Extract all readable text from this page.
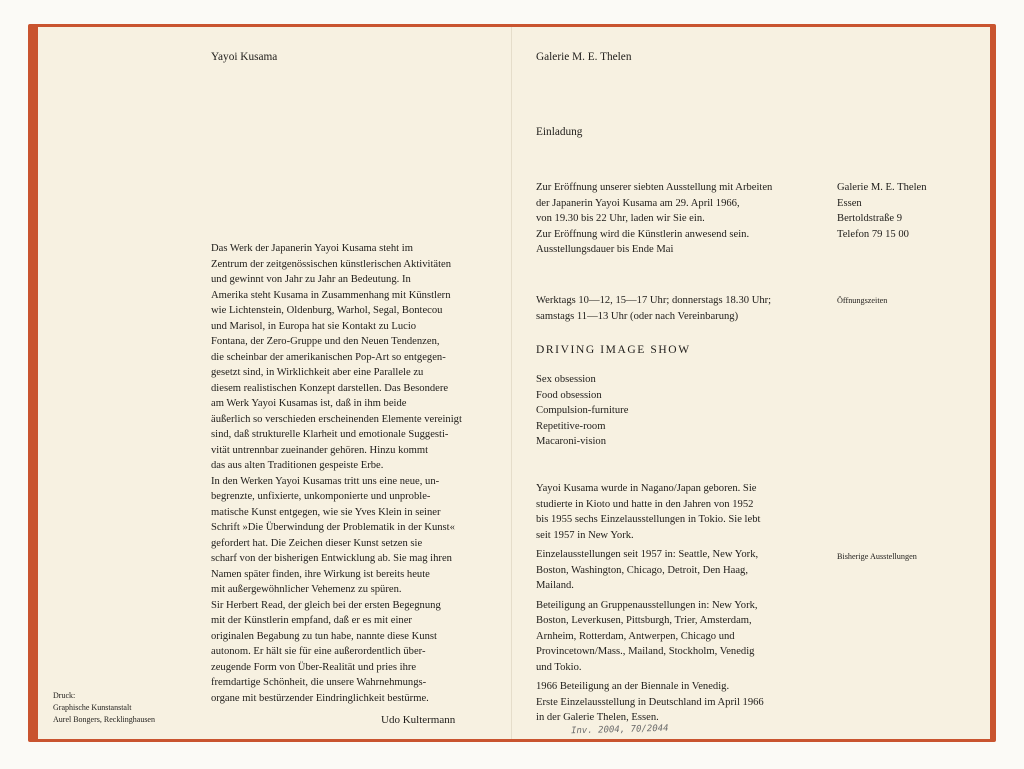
Yayoi Kusama
Das Werk der Japanerin Yayoi Kusama steht im
Zentrum der zeitgenössischen künstlerischen Aktivitäten
und gewinnt von Jahr zu Jahr an Bedeutung. In
Amerika steht Kusama in Zusammenhang mit Künstlern
wie Lichtenstein, Oldenburg, Warhol, Segal, Bontecou
und Marisol, in Europa hat sie Kontakt zu Lucio
Fontana, der Zero-Gruppe und den Neuen Tendenzen,
die scheinbar der amerikanischen Pop-Art so entgegen-
gesetzt sind, in Wirklichkeit aber eine Parallele zu
diesem realistischen Konzept darstellen. Das Besondere
am Werk Yayoi Kusamas ist, daß in ihm beide
äußerlich so verschieden erscheinenden Elemente vereinigt
sind, daß strukturelle Klarheit und emotionale Suggesti-
vität untrennbar zueinander gehören. Hinzu kommt
das aus alten Traditionen gespeiste Erbe.
In den Werken Yayoi Kusamas tritt uns eine neue, un-
begrenzte, unfixierte, unkomponierte und unproble-
matische Kunst entgegen, wie sie Yves Klein in seiner
Schrift »Die Überwindung der Problematik in der Kunst«
gefordert hat. Die Zeichen dieser Kunst setzen sie
scharf von der bisherigen Entwicklung ab. Sie mag ihren
Namen später finden, ihre Wirkung ist bereits heute
mit außergewöhnlicher Vehemenz zu spüren.
Sir Herbert Read, der gleich bei der ersten Begegnung
mit der Künstlerin empfand, daß er es mit einer
originalen Begabung zu tun habe, nannte diese Kunst
autonom. Er hält sie für eine außerordentlich über-
zeugende Form von Über-Realität und pries ihre
fremdartige Schönheit, die unsere Wahrnehmungs-
organe mit bestürzender Eindringlichkeit bestürme.
Udo Kultermann
Druck:
Graphische Kunstanstalt
Aurel Bongers, Recklinghausen
Galerie M. E. Thelen
Einladung
Zur Eröffnung unserer siebten Ausstellung mit Arbeiten
der Japanerin Yayoi Kusama am 29. April 1966,
von 19.30 bis 22 Uhr, laden wir Sie ein.
Zur Eröffnung wird die Künstlerin anwesend sein.
Ausstellungsdauer bis Ende Mai
Galerie M. E. Thelen
Essen
Bertoldstraße 9
Telefon 79 15 00
Werktags 10—12, 15—17 Uhr; donnerstags 18.30 Uhr;
samstags 11—13 Uhr (oder nach Vereinbarung)
Öffnungszeiten
DRIVING IMAGE SHOW
Sex obsession
Food obsession
Compulsion-furniture
Repetitive-room
Macaroni-vision
Yayoi Kusama wurde in Nagano/Japan geboren. Sie
studierte in Kioto und hatte in den Jahren von 1952
bis 1955 sechs Einzelausstellungen in Tokio. Sie lebt
seit 1957 in New York.
Einzelausstellungen seit 1957 in: Seattle, New York,
Boston, Washington, Chicago, Detroit, Den Haag,
Mailand.
Beteiligung an Gruppenausstellungen in: New York,
Boston, Leverkusen, Pittsburgh, Trier, Amsterdam,
Arnheim, Rotterdam, Antwerpen, Chicago und
Provincetown/Mass., Mailand, Stockholm, Venedig
und Tokio.
1966 Beteiligung an der Biennale in Venedig.
Erste Einzelausstellung in Deutschland im April 1966
in der Galerie Thelen, Essen.
Bisherige Ausstellungen
Inv. 2004, 70/2044
